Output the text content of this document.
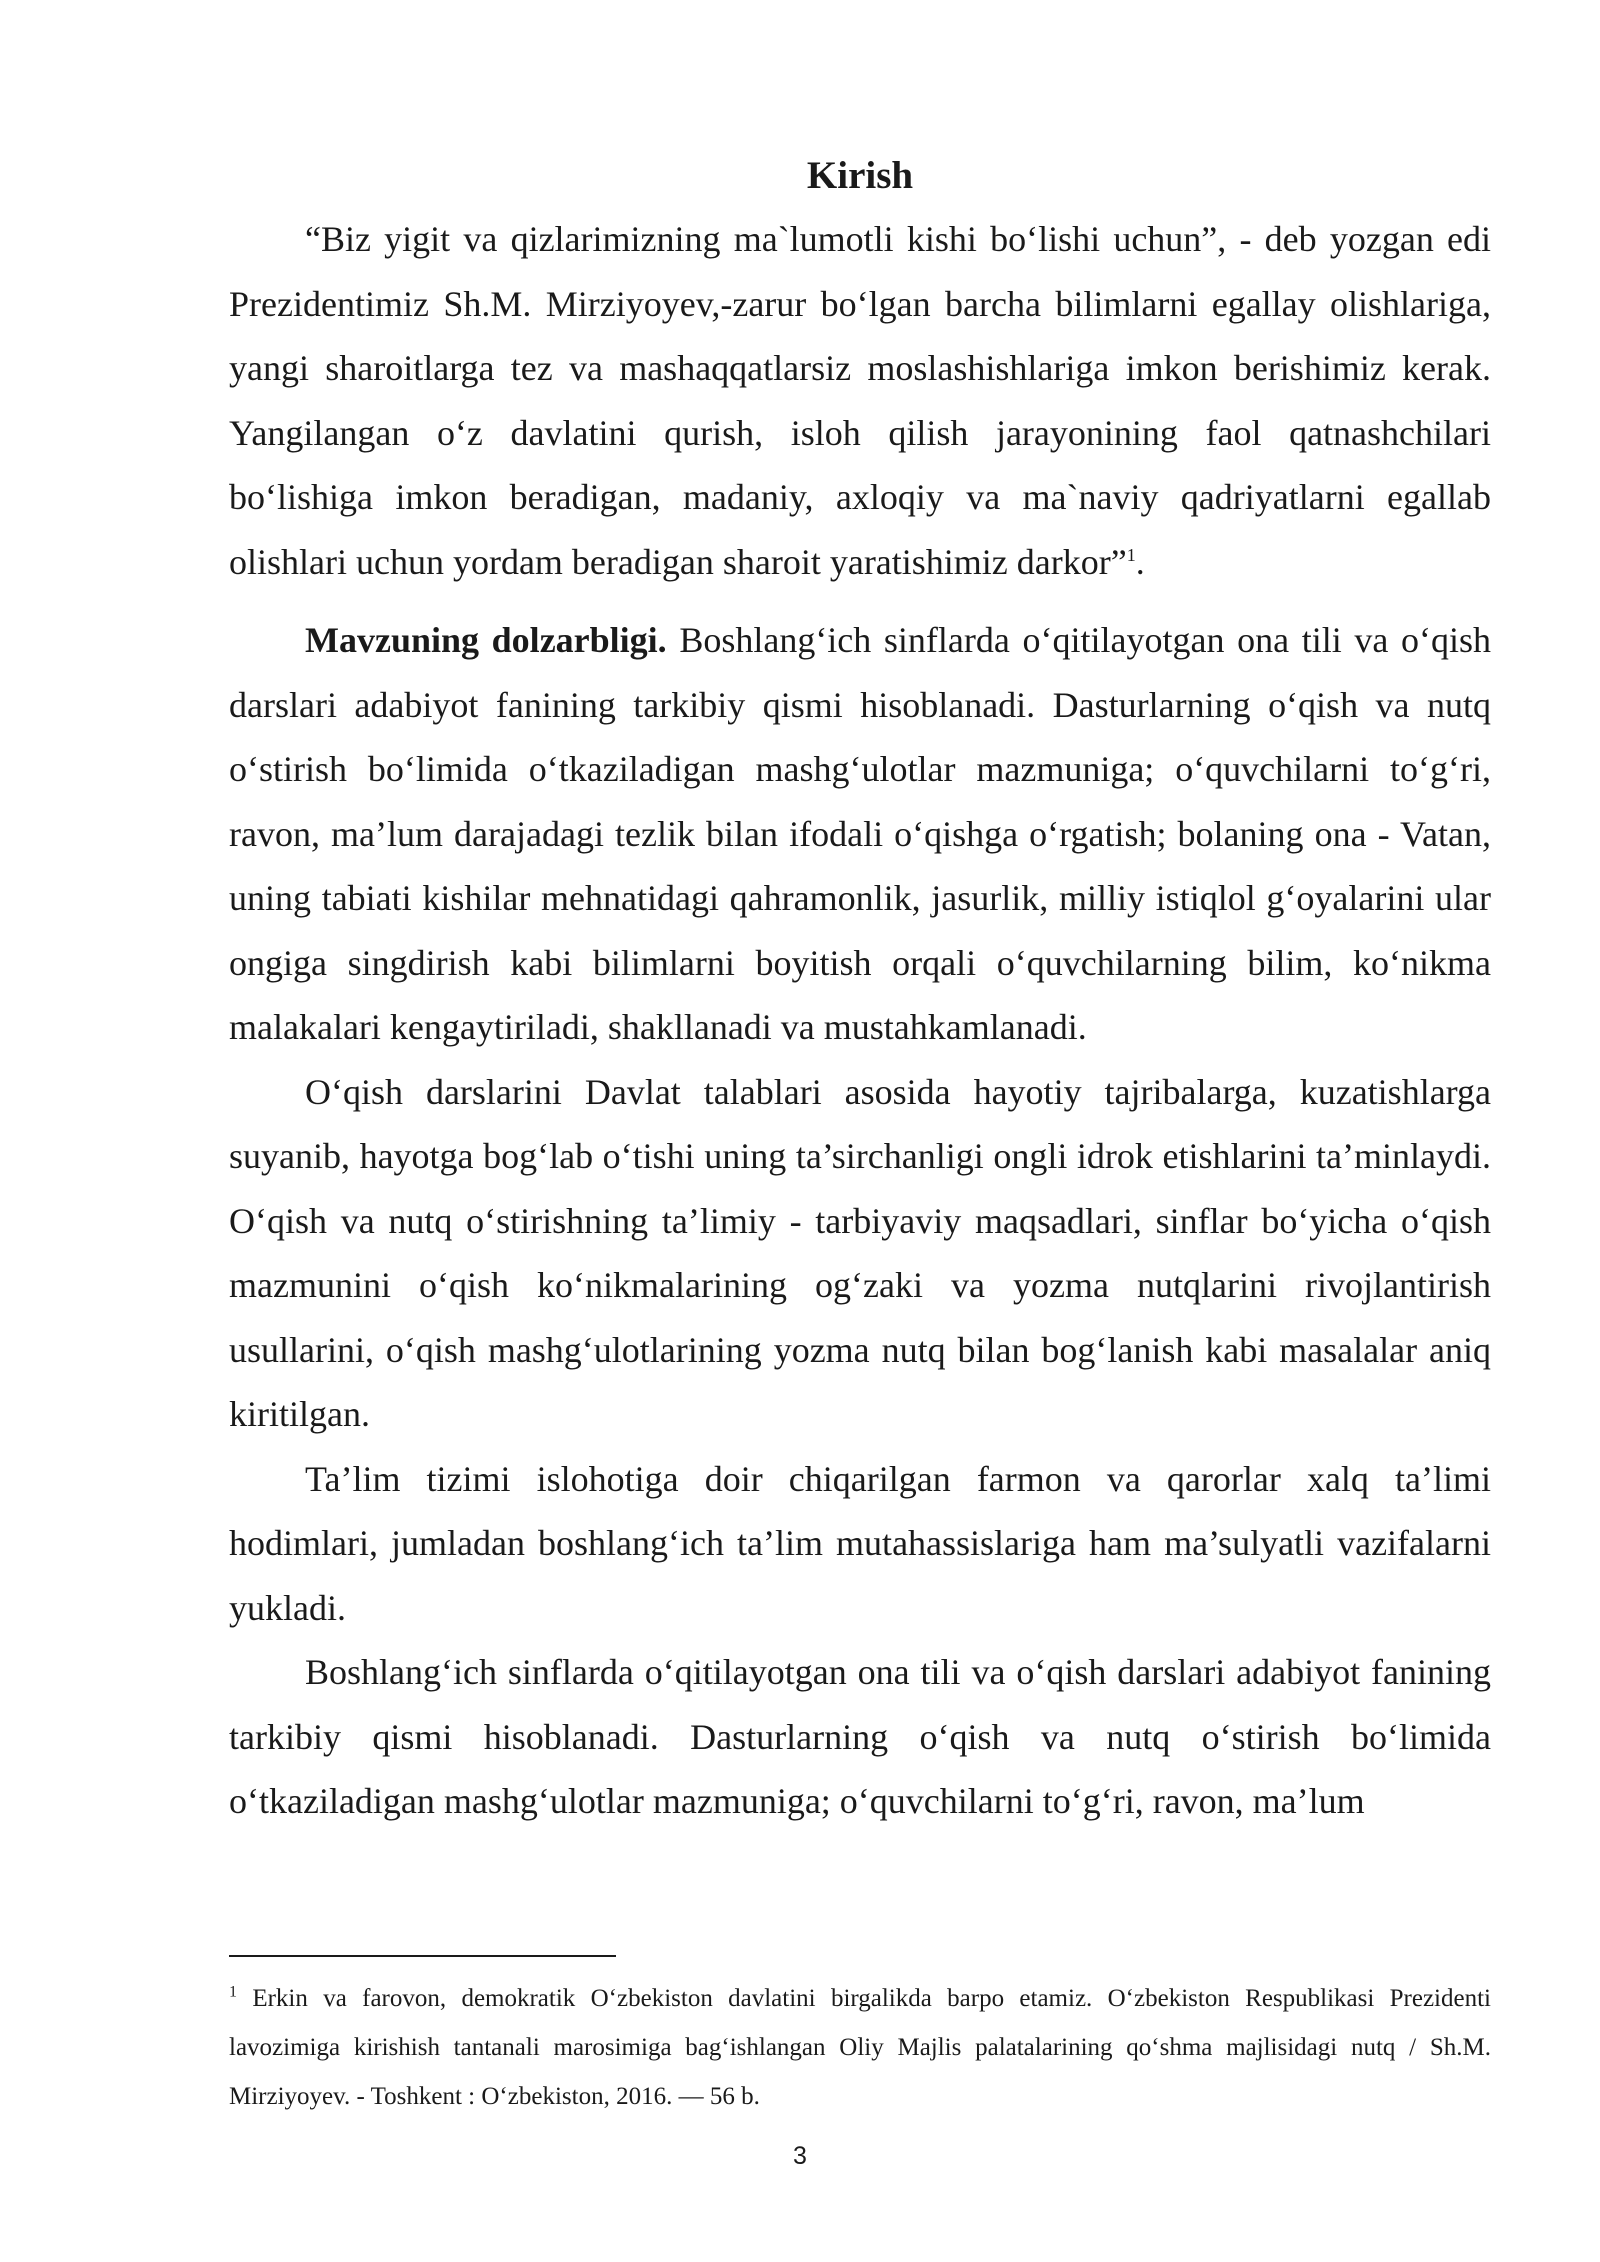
Kirish

“Biz yigit va qizlarimizning ma`lumotli kishi bo‘lishi uchun”, - deb yozgan edi Prezidentimiz Sh.M. Mirziyoyev,-zarur bo‘lgan barcha bilimlarni egallay olishlariga, yangi sharoitlarga tez va mashaqqatlarsiz moslashishlariga imkon berishimiz kerak. Yangilangan o‘z davlatini qurish, isloh qilish jarayonining faol qatnashchilari bo‘lishiga imkon beradigan, madaniy, axloqiy va ma`naviy qadriyatlarni egallab olishlari uchun yordam beradigan sharoit yaratishimiz darkor”$^1$.

Mavzuning dolzarbligi. Boshlang‘ich sinflarda o‘qitilayotgan ona tili va o‘qish darslari adabiyot fanining tarkibiy qismi hisoblanadi. Dasturlarning o‘qish va nutq o‘stirish bo‘limida o‘tkaziladigan mashg‘ulotlar mazmuniga; o‘quvchilarni to‘g‘ri, ravon, ma’lum darajadagi tezlik bilan ifodali o‘qishga o‘rgatish; bolaning ona - Vatan, uning tabiati kishilar mehnatidagi qahramonlik, jasurlik, milliy istiqlol g‘oyalarini ular ongiga singdirish kabi bilimlarni boyitish orqali o‘quvchilarning bilim, ko‘nikma malakalari kengaytiriladi, shakllanadi va mustahkamlanadi.

O‘qish darslarini Davlat talablari asosida hayotiy tajribalarga, kuzatishlarga suyanib, hayotga bog‘lab o‘tishi uning ta’sirchanligi ongli idrok etishlarini ta’minlaydi. O‘qish va nutq o‘stirishning ta’limiy - tarbiyaviy maqsadlari, sinflar bo‘yicha o‘qish mazmunini o‘qish ko‘nikmalarining og‘zaki va yozma nutqlarini rivojlantirish usullarini, o‘qish mashg‘ulotlarining yozma nutq bilan bog‘lanish kabi masalalar aniq kiritilgan.

Ta’lim tizimi islohotiga doir chiqarilgan farmon va qarorlar xalq ta’limi hodimlari, jumladan boshlang‘ich ta’lim mutahassislariga ham ma’sulyatli vazifalarni yukladi.

Boshlang‘ich sinflarda o‘qitilayotgan ona tili va o‘qish darslari adabiyot fanining tarkibiy qismi hisoblanadi. Dasturlarning o‘qish va nutq o‘stirish bo‘limida o‘tkaziladigan mashg‘ulotlar mazmuniga; o‘quvchilarni to‘g‘ri, ravon, ma’lum

$^1$ Erkin va farovon, demokratik O‘zbekiston davlatini birgalikda barpo etamiz. O‘zbekiston Respublikasi Prezidenti lavozimiga kirishish tantanali marosimiga bag‘ishlangan Oliy Majlis palatalarining qo‘shma majlisidagi nutq / Sh.M. Mirziyoyev. - Toshkent : O‘zbekiston, 2016. — 56 b.

3
